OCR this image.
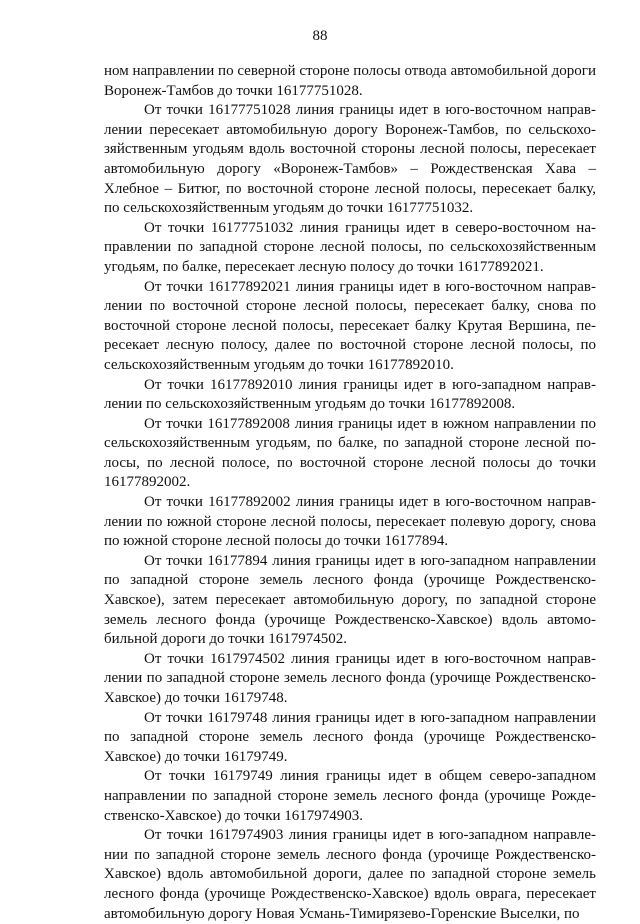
88

ном направлении по северной стороне полосы отвода автомобильной дороги Воронеж-Тамбов до точки 16177751028.

От точки 16177751028 линия границы идет в юго-восточном направлении пересекает автомобильную дорогу Воронеж-Тамбов, по сельскохозяйственным угодьям вдоль восточной стороны лесной полосы, пересекает автомобильную дорогу «Воронеж-Тамбов» – Рождественская Хава – Хлебное – Битюг, по восточной стороне лесной полосы, пересекает балку, по сельскохозяйственным угодьям до точки 16177751032.

От точки 16177751032 линия границы идет в северо-восточном направлении по западной стороне лесной полосы, по сельскохозяйственным угодьям, по балке, пересекает лесную полосу до точки 16177892021.

От точки 16177892021 линия границы идет в юго-восточном направлении по восточной стороне лесной полосы, пересекает балку, снова по восточной стороне лесной полосы, пересекает балку Крутая Вершина, пересекает лесную полосу, далее по восточной стороне лесной полосы, по сельскохозяйственным угодьям до точки 16177892010.

От точки 16177892010 линия границы идет в юго-западном направлении по сельскохозяйственным угодьям до точки 16177892008.

От точки 16177892008 линия границы идет в южном направлении по сельскохозяйственным угодьям, по балке, по западной стороне лесной полосы, по лесной полосе, по восточной стороне лесной полосы до точки 16177892002.

От точки 16177892002 линия границы идет в юго-восточном направлении по южной стороне лесной полосы, пересекает полевую дорогу, снова по южной стороне лесной полосы до точки 16177894.

От точки 16177894 линия границы идет в юго-западном направлении по западной стороне земель лесного фонда (урочище Рождественско-Хавское), затем пересекает автомобильную дорогу, по западной стороне земель лесного фонда (урочище Рождественско-Хавское) вдоль автомобильной дороги до точки 1617974502.

От точки 1617974502 линия границы идет в юго-восточном направлении по западной стороне земель лесного фонда (урочище Рождественско-Хавское) до точки 16179748.

От точки 16179748 линия границы идет в юго-западном направлении по западной стороне земель лесного фонда (урочище Рождественско-Хавское) до точки 16179749.

От точки 16179749 линия границы идет в общем северо-западном направлении по западной стороне земель лесного фонда (урочище Рождественско-Хавское) до точки 1617974903.

От точки 1617974903 линия границы идет в юго-западном направлении по западной стороне земель лесного фонда (урочище Рождественско-Хавское) вдоль автомобильной дороги, далее по западной стороне земель лесного фонда (урочище Рождественско-Хавское) вдоль оврага, пересекает автомобильную дорогу Новая Усмань-Тимирязево-Горенские Выселки, по
